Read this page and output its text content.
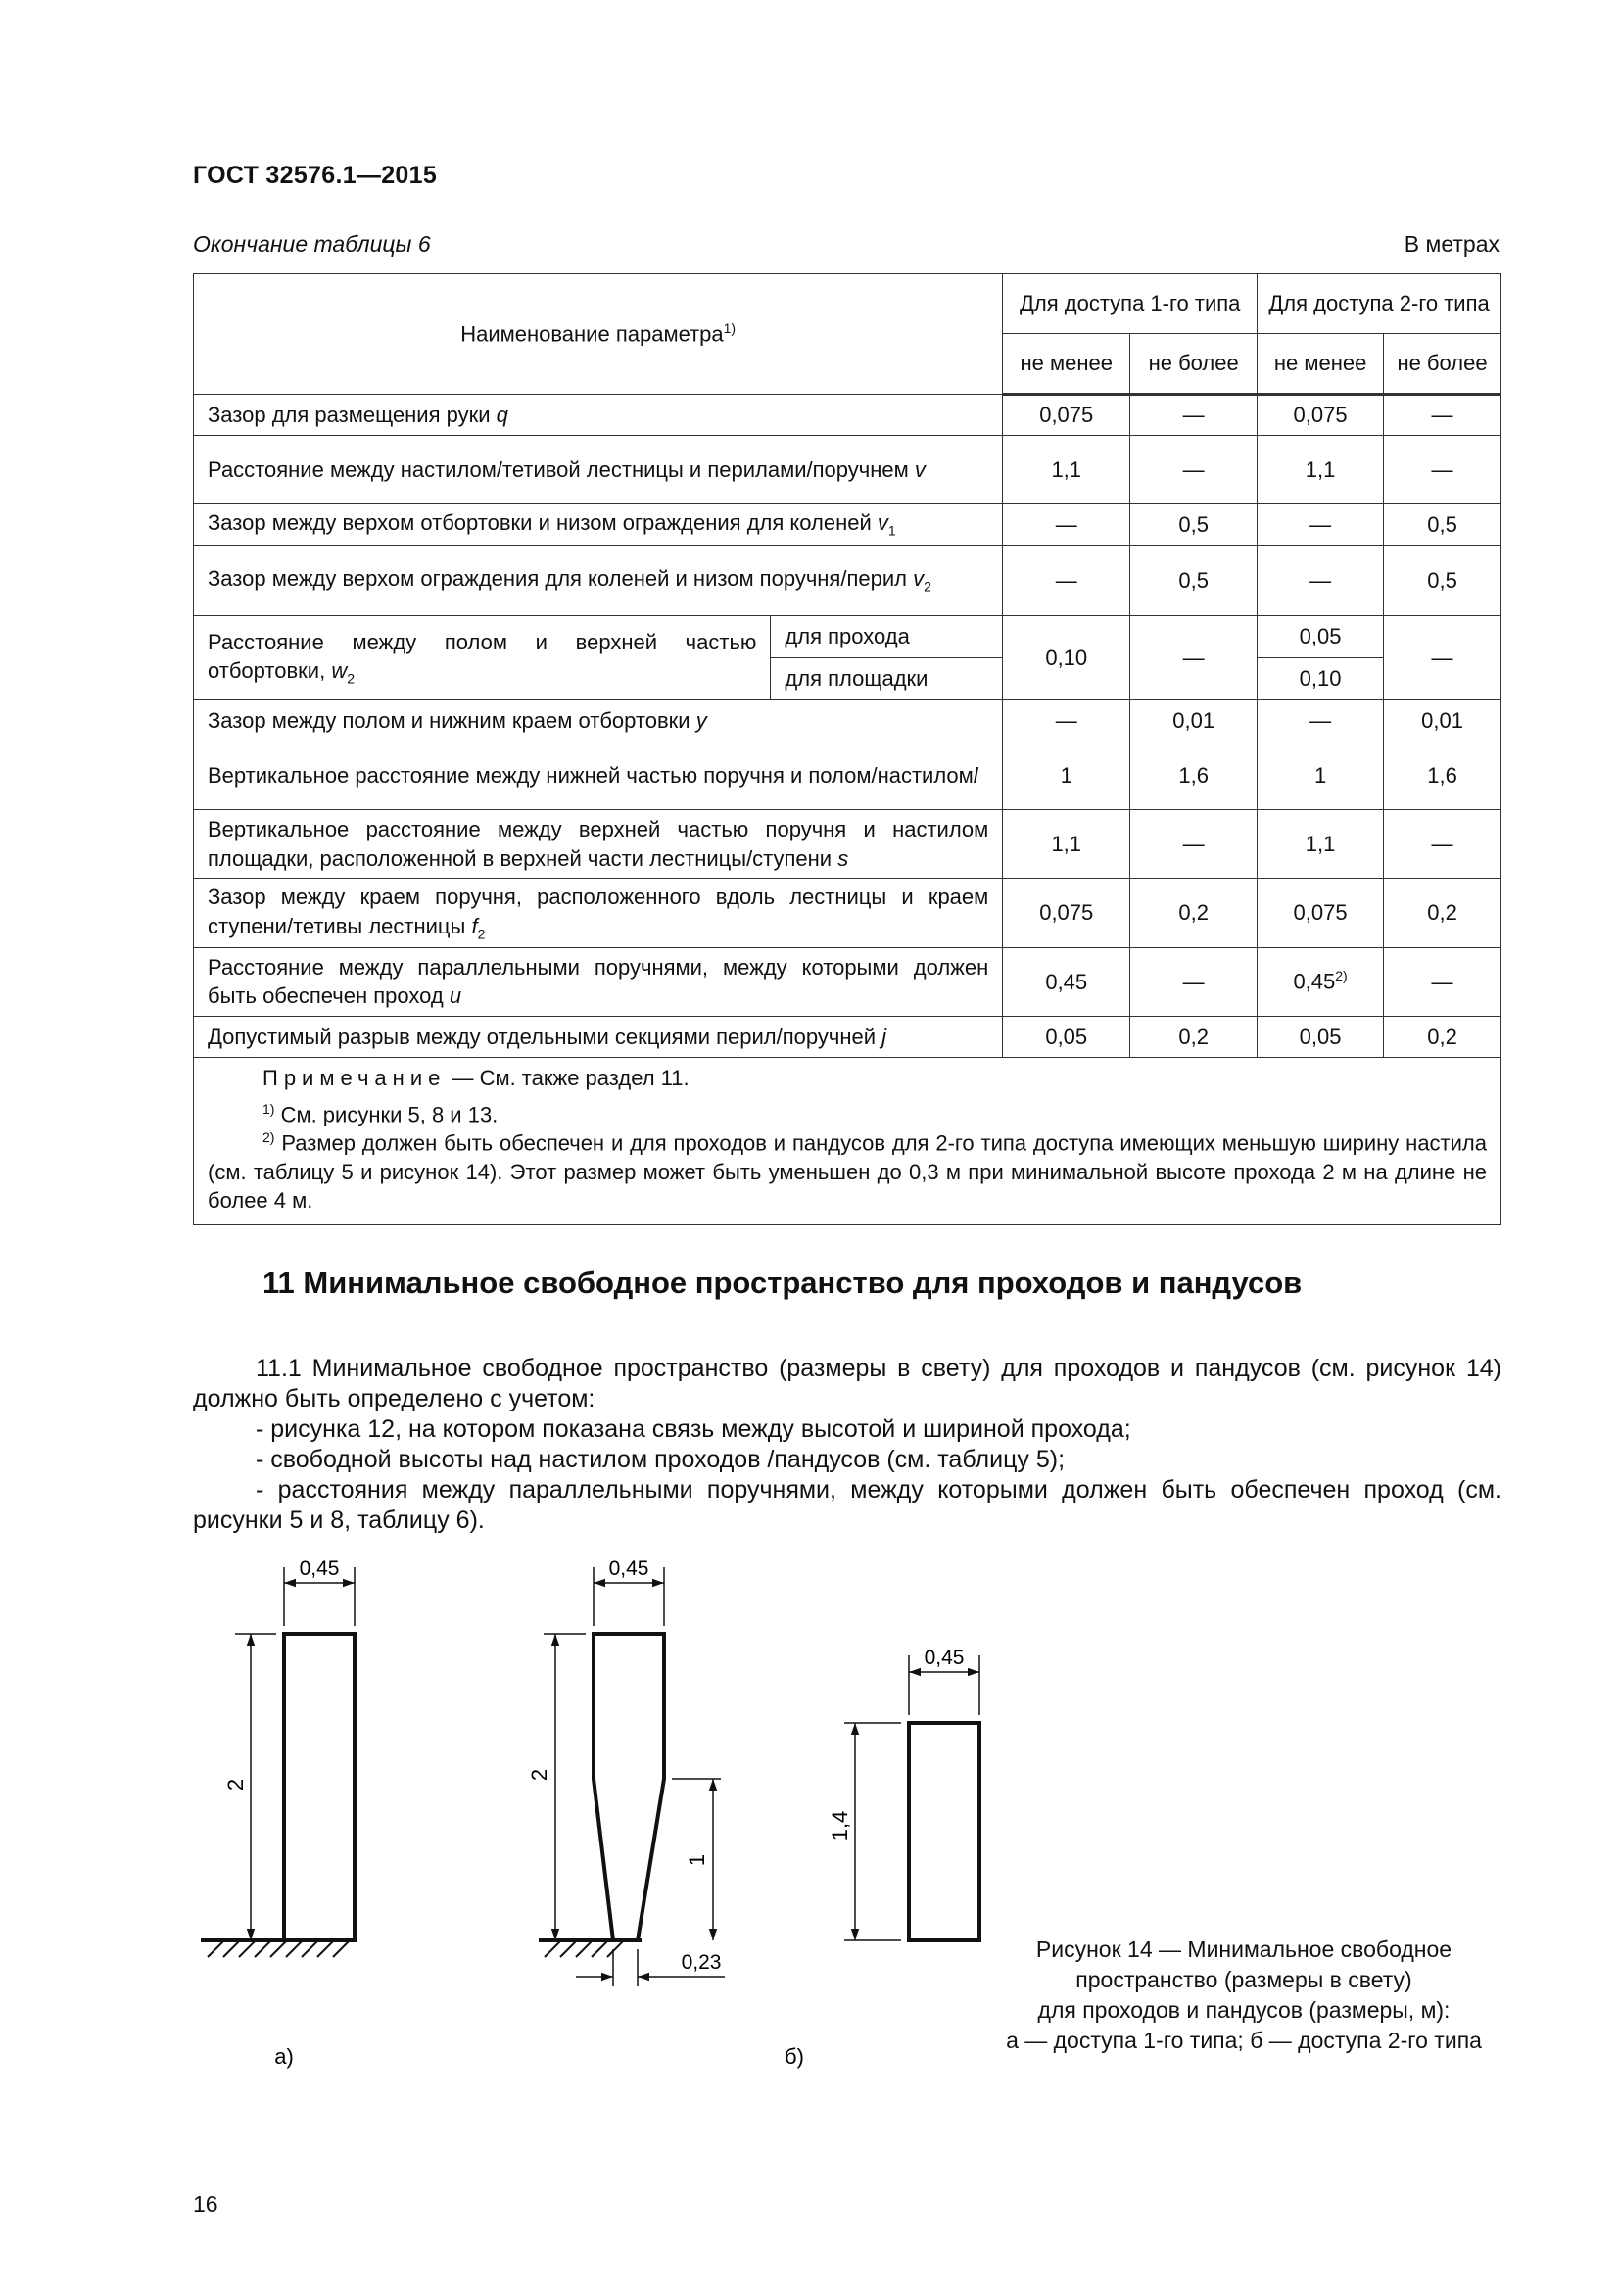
ГОСТ 32576.1—2015
Окончание таблицы 6	В метрах
Наименование параметра$^{1)}$		Для доступа 1-го типа		Для доступа 2-го типа	
		не менее	не более	не менее	не более
Зазор для размещения руки q		0,075	—	0,075	—
Расстояние между настилом/тетивой лестницы и перилами/поручнем v		1,1	—	1,1	—
Зазор между верхом отбортовки и низом ограждения для коленей $v_1$		—	0,5	—	0,5
Зазор между верхом ограждения для коленей и низом поручня/перил $v_2$		—	0,5	—	0,5
Расстояние между полом и верхней частью отбортовки, $w_2$	для прохода	0,10	—	0,05	—
	для площадки			0,10	
Зазор между полом и нижним краем отбортовки y		—	0,01	—	0,01
Вертикальное расстояние между нижней частью поручня и полом/настиломl		1	1,6	1	1,6
Вертикальное расстояние между верхней частью поручня и настилом площадки, расположенной в верхней части лестницы/ступени s		1,1	—	1,1	—
Зазор между краем поручня, расположенного вдоль лестницы и краем ступени/тетивы лестницы $f_2$		0,075	0,2	0,075	0,2
Расстояние между параллельными поручнями, между которыми должен быть обеспечен проход u		0,45	—	0,45$^{2)}$	—
Допустимый разрыв между отдельными секциями перил/поручней j		0,05	0,2	0,05	0,2

Примечание — См. также раздел 11.
$^{1)}$ См. рисунки 5, 8 и 13.
$^{2)}$ Размер должен быть обеспечен и для проходов и пандусов для 2-го типа доступа имеющих меньшую ширину настила (см. таблицу 5 и рисунок 14). Этот размер может быть уменьшен до 0,3 м при минимальной высоте прохода 2 м на длине не более 4 м.					
11 Минимальное свободное пространство для проходов и пандусов
11.1 Минимальное свободное пространство (размеры в свету) для проходов и пандусов (см. рисунок 14) должно быть определено с учетом:
- рисунка 12, на котором показана связь между высотой и шириной прохода;
- свободной высоты над настилом проходов /пандусов (см. таблицу 5);
- расстояния между параллельными поручнями, между которыми должен быть обеспечен проход (см. рисунки 5 и 8, таблицу 6).
0,45
2
а)
0,45
2
1
0,23
б)
0,45
1,4
Рисунок 14 — Минимальное свободное
пространство (размеры в свету)
для проходов и пандусов (размеры, м):
а — доступа 1-го типа; б — доступа 2-го типа
16
